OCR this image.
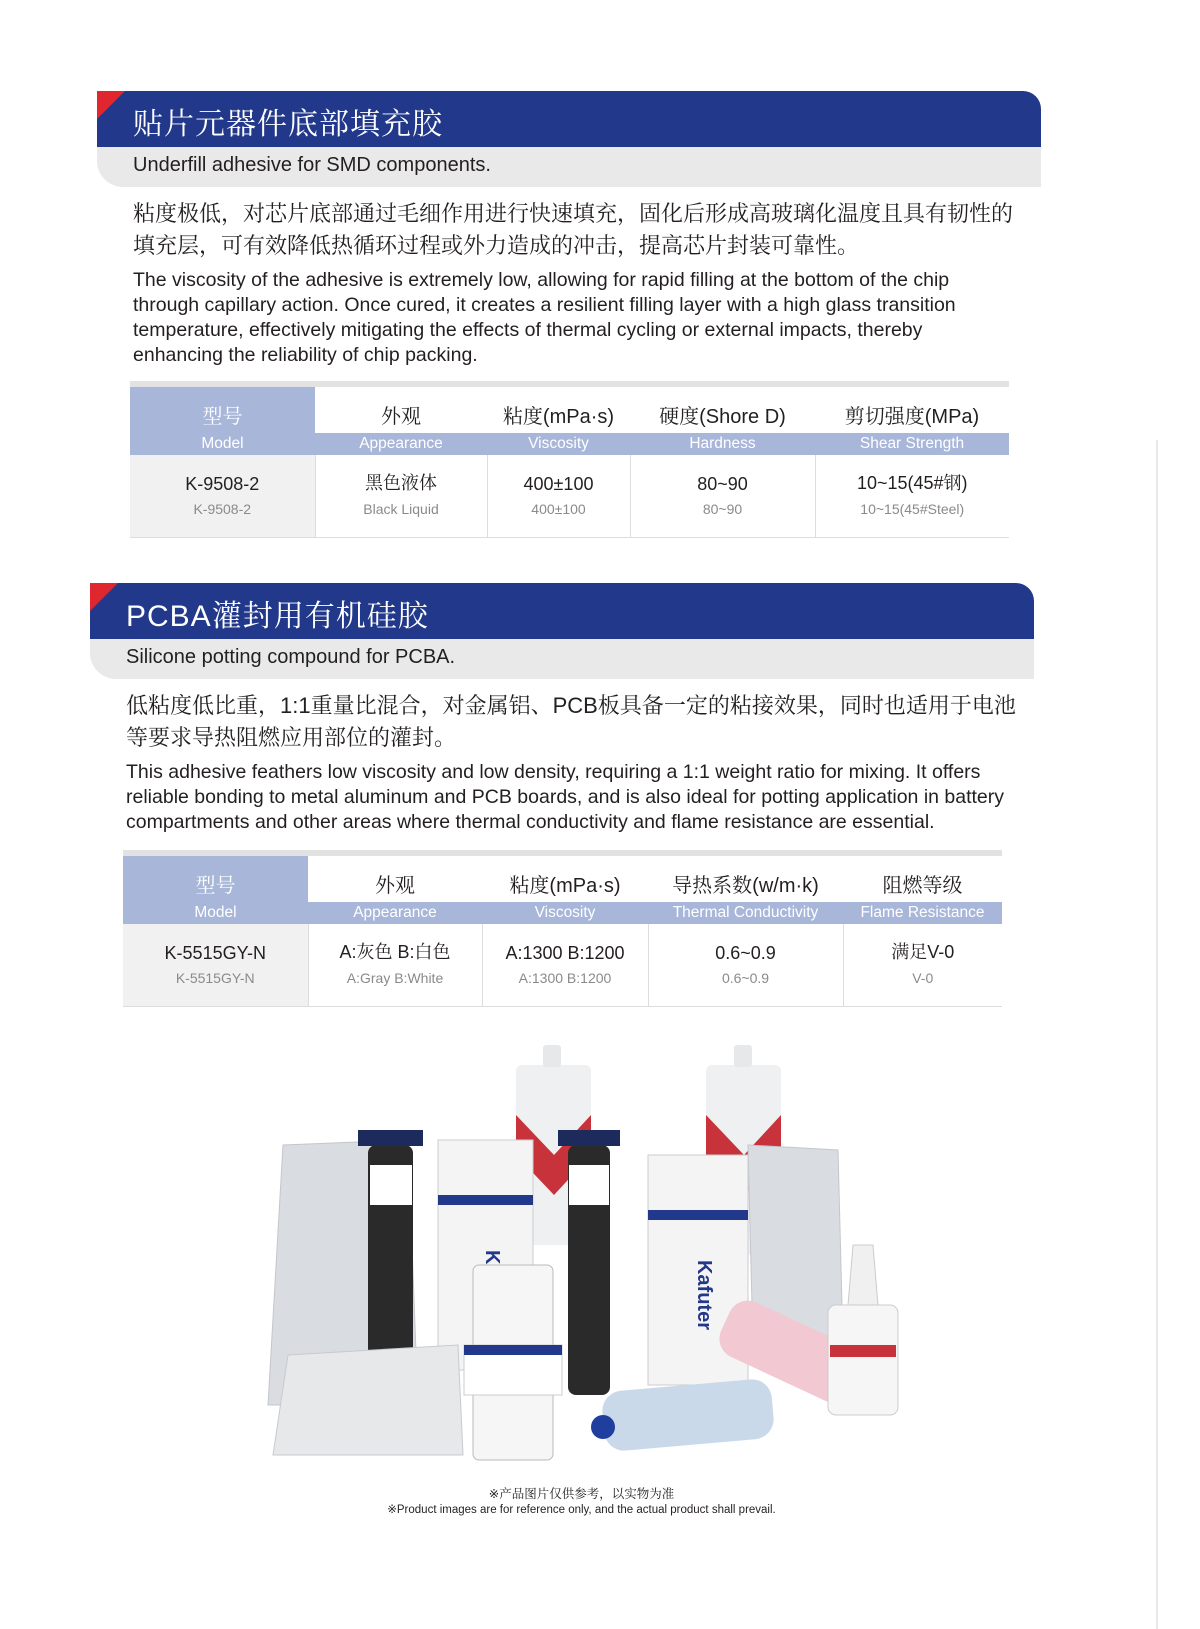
贴片元器件底部填充胶
Underfill adhesive for SMD components.
粘度极低，对芯片底部通过毛细作用进行快速填充，固化后形成高玻璃化温度且具有韧性的填充层，可有效降低热循环过程或外力造成的冲击，提高芯片封装可靠性。
The viscosity of the adhesive is extremely low, allowing for rapid filling at the bottom of the chip through capillary action. Once cured, it creates a resilient filling layer with a high glass transition temperature, effectively mitigating the effects of thermal cycling or external impacts, thereby enhancing the reliability of chip packing.
型号	外观	粘度(mPa·s)	硬度(Shore D)	剪切强度(MPa)
Model	Appearance	Viscosity	Hardness	Shear Strength
K-9508-2	黑色液体	400±100	80~90	10~15(45#钢)
K-9508-2	Black Liquid	400±100	80~90	10~15(45#Steel)
PCBA灌封用有机硅胶
Silicone potting compound for PCBA.
低粘度低比重，1:1重量比混合，对金属铝、PCB板具备一定的粘接效果，同时也适用于电池等要求导热阻燃应用部位的灌封。
This adhesive feathers low viscosity and low density, requiring a 1:1 weight ratio for mixing. It offers reliable bonding to metal aluminum and PCB boards, and is also ideal for potting application in battery compartments and other areas where thermal conductivity and flame resistance are essential.
型号	外观	粘度(mPa·s)	导热系数(w/m·k)	阻燃等级
Model	Appearance	Viscosity	Thermal Conductivity	Flame Resistance
K-5515GY-N	A:灰色 B:白色	A:1300 B:1200	0.6~0.9	满足V-0
K-5515GY-N	A:Gray B:White	A:1300 B:1200	0.6~0.9	V-0
Kafuter
※产品图片仅供参考，以实物为准
※Product images are for reference only, and the actual product shall prevail.
